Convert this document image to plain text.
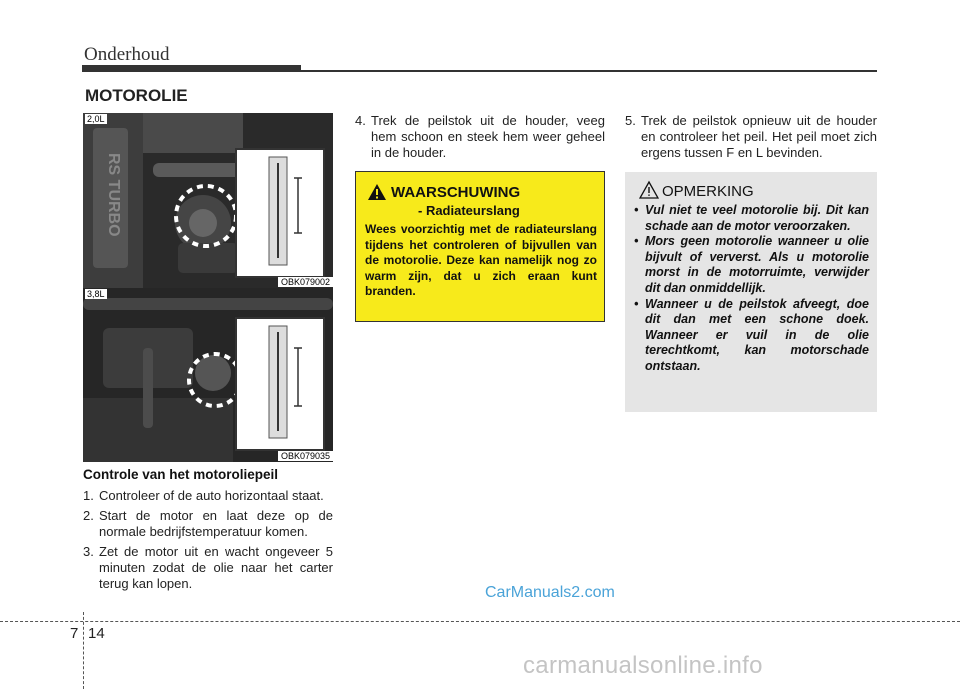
Onderhoud
MOTOROLIE
RS TURBO
2,0L
OBK079002
3,8L
OBK079035
Controle van het motoroliepeil
1. Controleer of de auto horizontaal staat.
2. Start de motor en laat deze op de normale bedrijfstemperatuur komen.
3. Zet de motor uit en wacht ongeveer 5 minuten zodat de olie naar het carter terug kan lopen.
4. Trek de peilstok uit de houder, veeg hem schoon en steek hem weer geheel in de houder.
5. Trek de peilstok opnieuw uit de houder en controleer het peil. Het peil moet zich ergens tussen F en L bevinden.
WAARSCHUWING
- Radiateurslang
Wees voorzichtig met de radiateurslang tijdens het controleren of bijvullen van de motorolie. Deze kan namelijk nog zo warm zijn, dat u zich eraan kunt branden.
OPMERKING
• Vul niet te veel motorolie bij. Dit kan schade aan de motor veroorzaken.
• Mors geen motorolie wanneer u olie bijvult of ververst. Als u motorolie morst in de motorruimte, verwijder dit dan onmiddellijk.
• Wanneer u de peilstok afveegt, doe dit dan met een schone doek. Wanneer er vuil in de olie terechtkomt, kan motorschade ontstaan.
CarManuals2.com
7 14
carmanualsonline.info
